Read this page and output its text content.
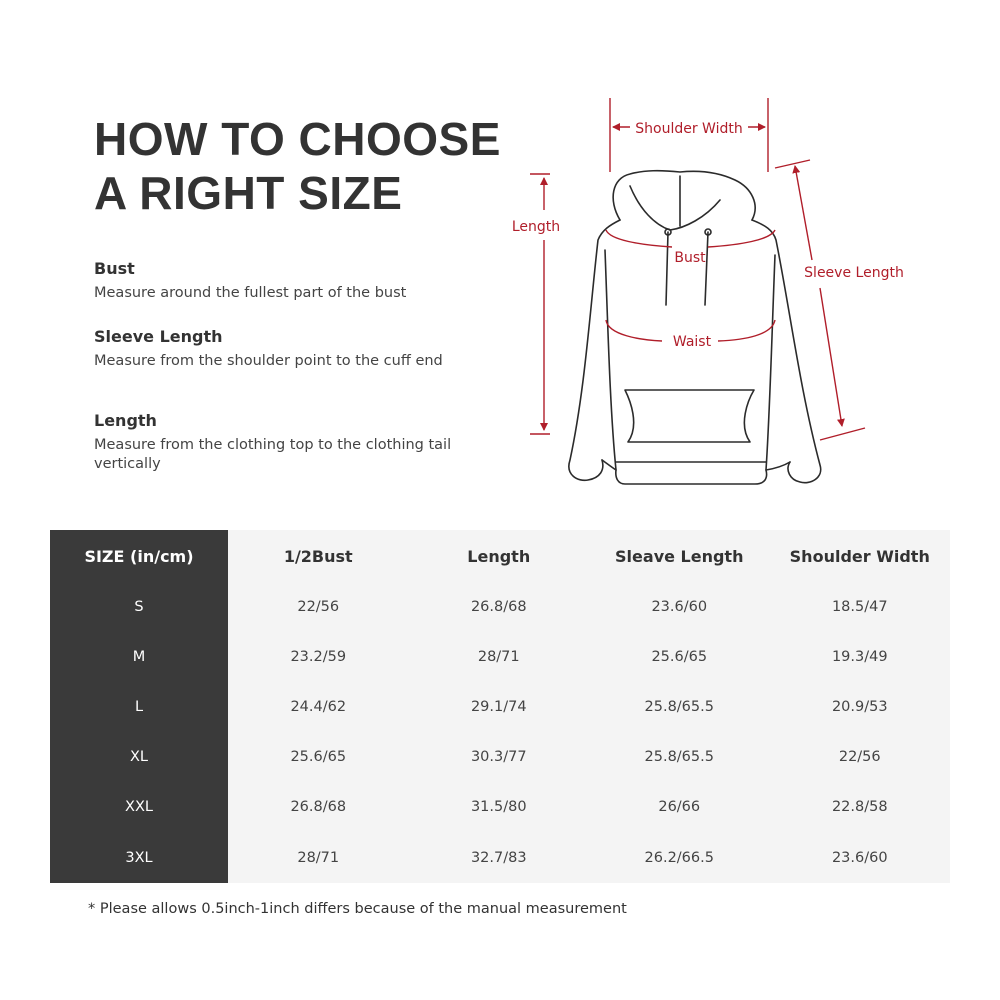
HOW TO CHOOSE
A RIGHT SIZE

Bust

Measure around the fullest part of the bust

Sleeve Length

Measure from the shoulder point to the cuff end

Length

Measure from the clothing top to the clothing tail vertically

Shoulder Width
Length
Bust
Sleeve Length
Waist
SIZE (in/cm)	1/2Bust	Length	Sleave Length	Shoulder Width
S	22/56	26.8/68	23.6/60	18.5/47
M	23.2/59	28/71	25.6/65	19.3/49
L	24.4/62	29.1/74	25.8/65.5	20.9/53
XL	25.6/65	30.3/77	25.8/65.5	22/56
XXL	26.8/68	31.5/80	26/66	22.8/58
3XL	28/71	32.7/83	26.2/66.5	23.6/60

* Please allows 0.5inch-1inch differs because of the manual measurement
